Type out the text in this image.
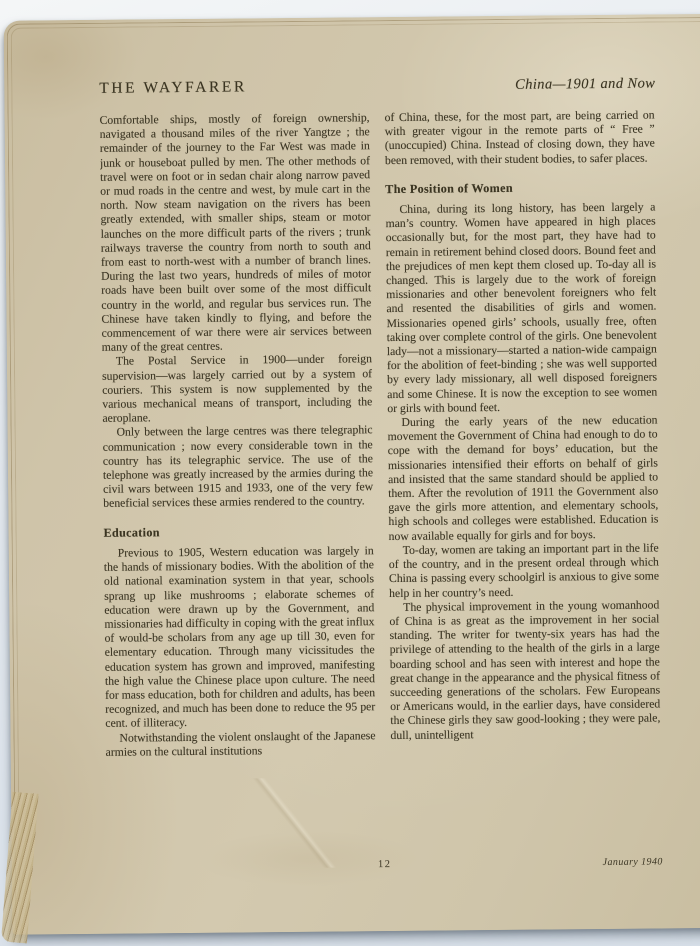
THE WAYFARER	China—1901 and Now

Comfortable ships, mostly of foreign ownership, navigated a thousand miles of the river Yangtze ; the remainder of the journey to the Far West was made in junk or houseboat pulled by men. The other methods of travel were on foot or in sedan chair along narrow paved or mud roads in the centre and west, by mule cart in the north. Now steam navigation on the rivers has been greatly extended, with smaller ships, steam or motor launches on the more difficult parts of the rivers ; trunk railways traverse the country from north to south and from east to north-west with a number of branch lines. During the last two years, hundreds of miles of motor roads have been built over some of the most difficult country in the world, and regular bus services run. The Chinese have taken kindly to flying, and before the commencement of war there were air services between many of the great centres.

The Postal Service in 1900—under foreign supervision—was largely carried out by a system of couriers. This system is now supplemented by the various mechanical means of transport, including the aeroplane.

Only between the large centres was there telegraphic communication ; now every considerable town in the country has its telegraphic service. The use of the telephone was greatly increased by the armies during the civil wars between 1915 and 1933, one of the very few beneficial services these armies rendered to the country.

Education

Previous to 1905, Western education was largely in the hands of missionary bodies. With the abolition of the old national examination system in that year, schools sprang up like mushrooms ; elaborate schemes of education were drawn up by the Government, and missionaries had difficulty in coping with the great influx of would-be scholars from any age up till 30, even for elementary education. Through many vicissitudes the education system has grown and improved, manifesting the high value the Chinese place upon culture. The need for mass education, both for children and adults, has been recognized, and much has been done to reduce the 95 per cent. of illiteracy.

Notwithstanding the violent onslaught of the Japanese armies on the cultural institutions

of China, these, for the most part, are being carried on with greater vigour in the remote parts of “ Free ” (unoccupied) China. Instead of closing down, they have been removed, with their student bodies, to safer places.

The Position of Women

China, during its long history, has been largely a man’s country. Women have appeared in high places occasionally but, for the most part, they have had to remain in retirement behind closed doors. Bound feet and the prejudices of men kept them closed up. To-day all is changed. This is largely due to the work of foreign missionaries and other benevolent foreigners who felt and resented the disabilities of girls and women. Missionaries opened girls’ schools, usually free, often taking over complete control of the girls. One benevolent lady—not a missionary—started a nation-wide campaign for the abolition of feet-binding ; she was well supported by every lady missionary, all well disposed foreigners and some Chinese. It is now the exception to see women or girls with bound feet.

During the early years of the new education movement the Government of China had enough to do to cope with the demand for boys’ education, but the missionaries intensified their efforts on behalf of girls and insisted that the same standard should be applied to them. After the revolution of 1911 the Government also gave the girls more attention, and elementary schools, high schools and colleges were established. Education is now available equally for girls and for boys.

To-day, women are taking an important part in the life of the country, and in the present ordeal through which China is passing every schoolgirl is anxious to give some help in her country’s need.

The physical improvement in the young womanhood of China is as great as the improvement in her social standing. The writer for twenty-six years has had the privilege of attending to the health of the girls in a large boarding school and has seen with interest and hope the great change in the appearance and the physical fitness of succeeding generations of the scholars. Few Europeans or Americans would, in the earlier days, have considered the Chinese girls they saw good-looking ; they were pale, dull, unintelligent

12	January 1940
